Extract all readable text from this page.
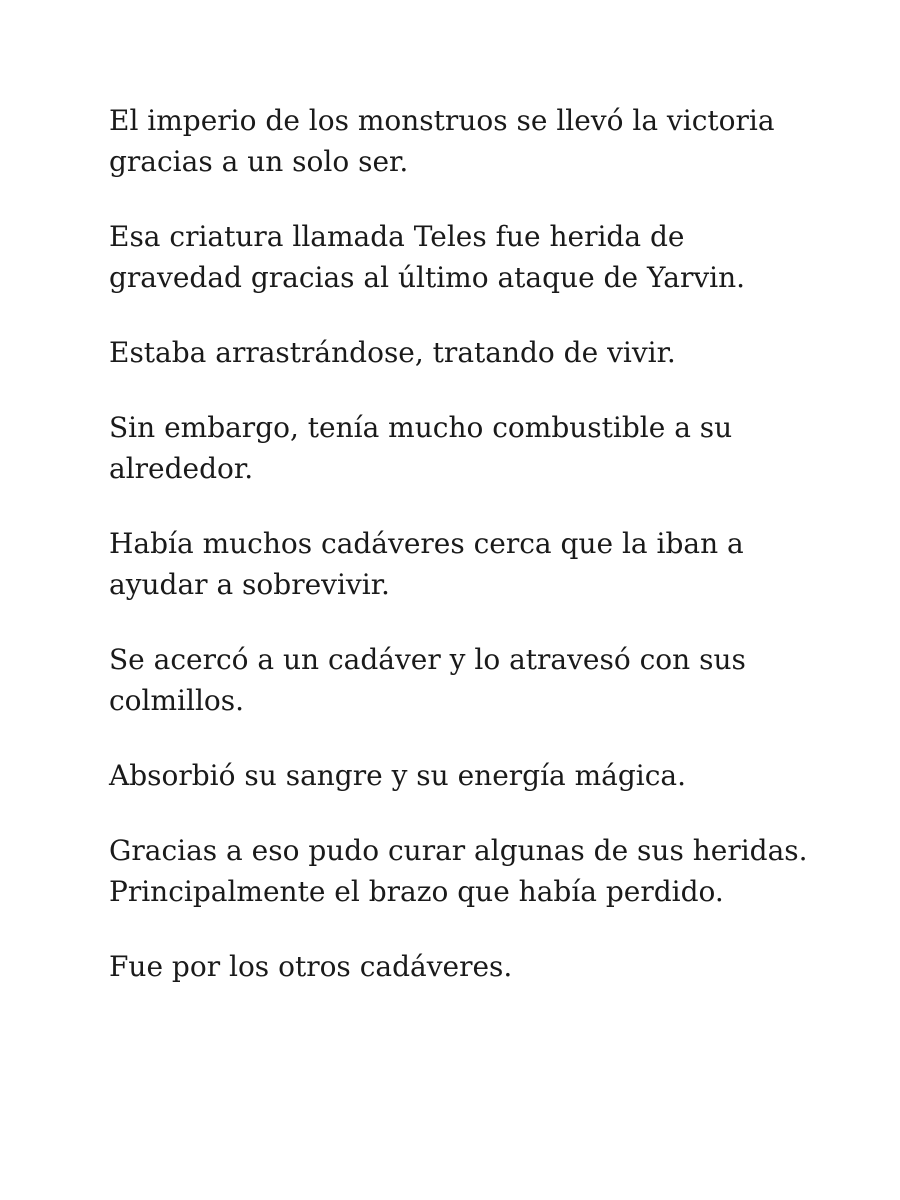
El imperio de los monstruos se llevó la victoria
gracias a un solo ser.

Esa criatura llamada Teles fue herida de
gravedad gracias al último ataque de Yarvin.

Estaba arrastrándose, tratando de vivir.

Sin embargo, tenía mucho combustible a su
alrededor.

Había muchos cadáveres cerca que la iban a
ayudar a sobrevivir.

Se acercó a un cadáver y lo atravesó con sus
colmillos.

Absorbió su sangre y su energía mágica.

Gracias a eso pudo curar algunas de sus heridas.
Principalmente el brazo que había perdido.

Fue por los otros cadáveres.
